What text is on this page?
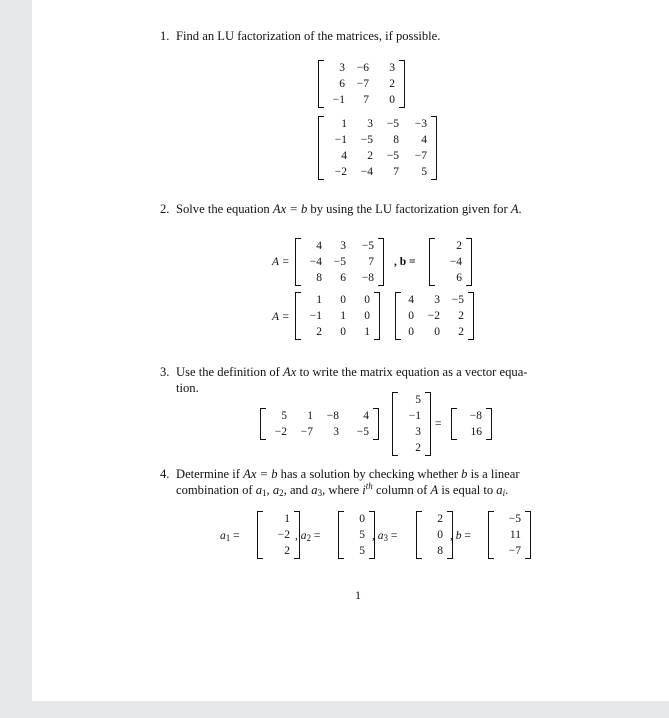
1. Find an LU factorization of the matrices, if possible.
3	−6	3
6	−7	2
−1	7	0
1	3	−5	−3
−1	−5	8	4
4	2	−5	−7
−2	−4	7	5
2. Solve the equation Ax = b by using the LU factorization given for A.
A =
4	3	−5
−4	−5	7
8	6	−8
, b =
2
−4
6
A =
1	0	0
−1	1	0
2	0	1
4	3	−5
0	−2	2
0	0	2
3. Use the definition of Ax to write the matrix equation as a vector equa-
tion.
5	1	−8	4
−2	−7	3	−5
5
−1
3
2
=
−8
16
4. Determine if Ax = b has a solution by checking whether b is a linear
combination of $a_1$, $a_2$, and $a_3$, where $i^{th}$ column of A is equal to $a_i$.
$a_1$ =
1
−2
2
, $a_2$ =
0
5
5
, $a_3$ =
2
0
8
, b =
−5
11
−7
1
